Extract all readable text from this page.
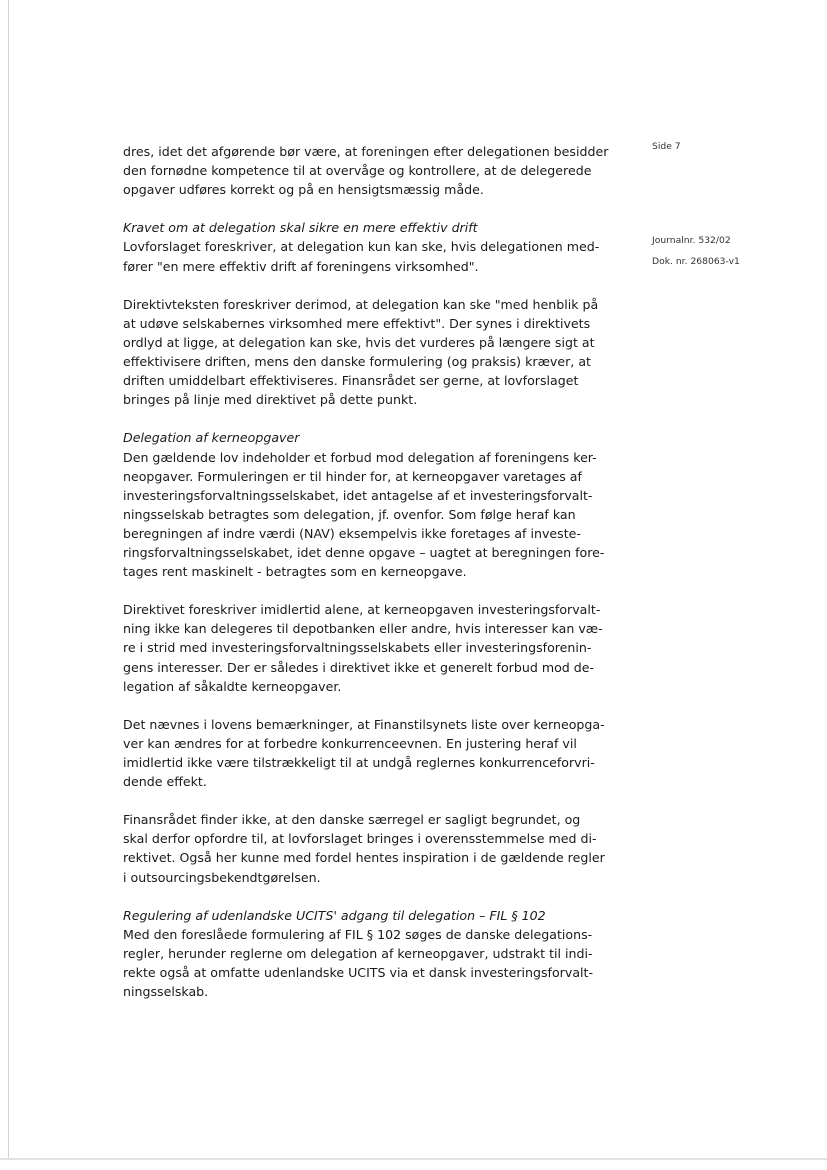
Side 7
Journalnr. 532/02
Dok. nr. 268063-v1
dres, idet det afgørende bør være, at foreningen efter delegationen besidder
den fornødne kompetence til at overvåge og kontrollere, at de delegerede
opgaver udføres korrekt og på en hensigtsmæssig måde.
Kravet om at delegation skal sikre en mere effektiv drift
Lovforslaget foreskriver, at delegation kun kan ske, hvis delegationen med-
fører "en mere effektiv drift af foreningens virksomhed".
Direktivteksten foreskriver derimod, at delegation kan ske "med henblik på
at udøve selskabernes virksomhed mere effektivt". Der synes i direktivets
ordlyd at ligge, at delegation kan ske, hvis det vurderes på længere sigt at
effektivisere driften, mens den danske formulering (og praksis) kræver, at
driften umiddelbart effektiviseres. Finansrådet ser gerne, at lovforslaget
bringes på linje med direktivet på dette punkt.
Delegation af kerneopgaver
Den gældende lov indeholder et forbud mod delegation af foreningens ker-
neopgaver. Formuleringen er til hinder for, at kerneopgaver varetages af
investeringsforvaltningsselskabet, idet antagelse af et investeringsforvalt-
ningsselskab betragtes som delegation, jf. ovenfor. Som følge heraf kan
beregningen af indre værdi (NAV) eksempelvis ikke foretages af investe-
ringsforvaltningsselskabet, idet denne opgave – uagtet at beregningen fore-
tages rent maskinelt - betragtes som en kerneopgave.
Direktivet foreskriver imidlertid alene, at kerneopgaven investeringsforvalt-
ning ikke kan delegeres til depotbanken eller andre, hvis interesser kan væ-
re i strid med investeringsforvaltningsselskabets eller investeringsforenin-
gens interesser. Der er således i direktivet ikke et generelt forbud mod de-
legation af såkaldte kerneopgaver.
Det nævnes i lovens bemærkninger, at Finanstilsynets liste over kerneopga-
ver kan ændres for at forbedre konkurrenceevnen. En justering heraf vil
imidlertid ikke være tilstrækkeligt til at undgå reglernes konkurrenceforvri-
dende effekt.
Finansrådet finder ikke, at den danske særregel er sagligt begrundet, og
skal derfor opfordre til, at lovforslaget bringes i overensstemmelse med di-
rektivet. Også her kunne med fordel hentes inspiration i de gældende regler
i outsourcingsbekendtgørelsen.
Regulering af udenlandske UCITS' adgang til delegation – FIL § 102
Med den foreslåede formulering af FIL § 102 søges de danske delegations-
regler, herunder reglerne om delegation af kerneopgaver, udstrakt til indi-
rekte også at omfatte udenlandske UCITS via et dansk investeringsforvalt-
ningsselskab.
